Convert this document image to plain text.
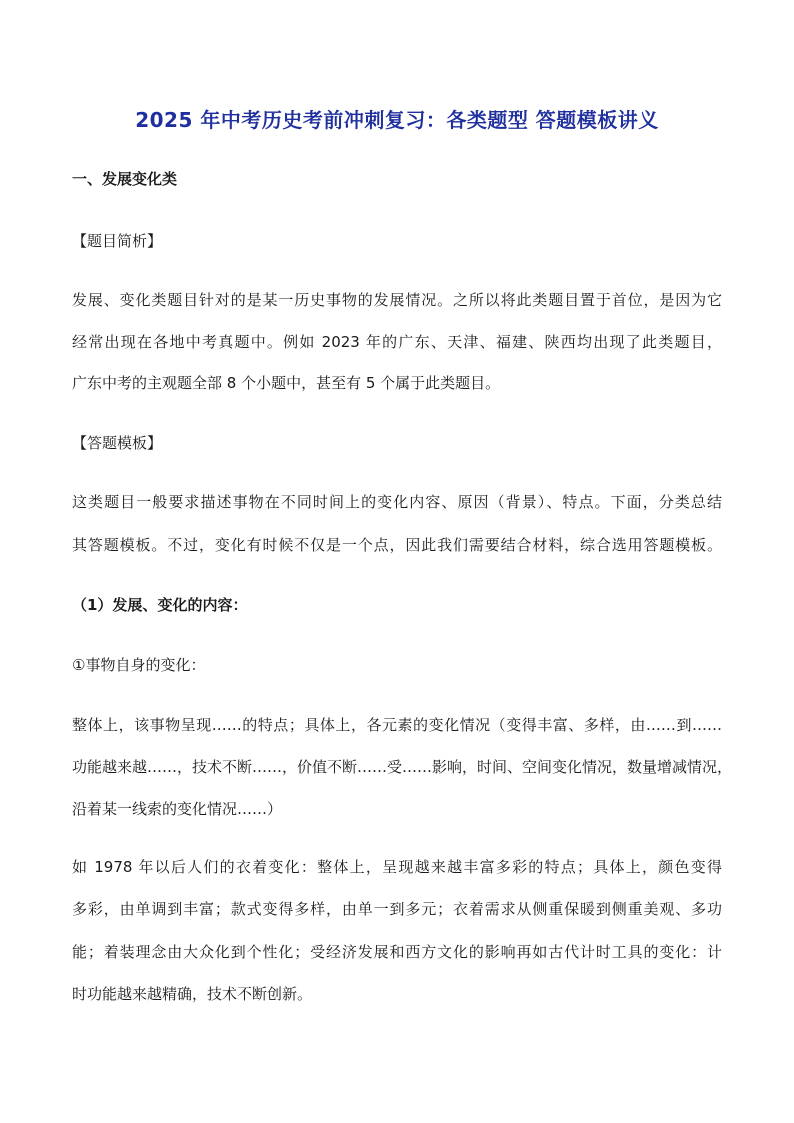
2025 年中考历史考前冲刺复习：各类题型 答题模板讲义
一、发展变化类
【题目简析】
发展、变化类题目针对的是某一历史事物的发展情况。之所以将此类题目置于首位，是因为它
经常出现在各地中考真题中。例如 2023 年的广东、天津、福建、陕西均出现了此类题目，
广东中考的主观题全部 8 个小题中，甚至有 5 个属于此类题目。
【答题模板】
这类题目一般要求描述事物在不同时间上的变化内容、原因（背景）、特点。下面，分类总结
其答题模板。不过，变化有时候不仅是一个点，因此我们需要结合材料，综合选用答题模板。
（1）发展、变化的内容：
①事物自身的变化：
整体上，该事物呈现……的特点；具体上，各元素的变化情况（变得丰富、多样，由……到……
功能越来越……，技术不断……，价值不断……受……影响，时间、空间变化情况，数量增减情况，
沿着某一线索的变化情况……）
如 1978 年以后人们的衣着变化：整体上，呈现越来越丰富多彩的特点；具体上，颜色变得
多彩，由单调到丰富；款式变得多样，由单一到多元；衣着需求从侧重保暖到侧重美观、多功
能；着装理念由大众化到个性化；受经济发展和西方文化的影响再如古代计时工具的变化：计
时功能越来越精确，技术不断创新。
